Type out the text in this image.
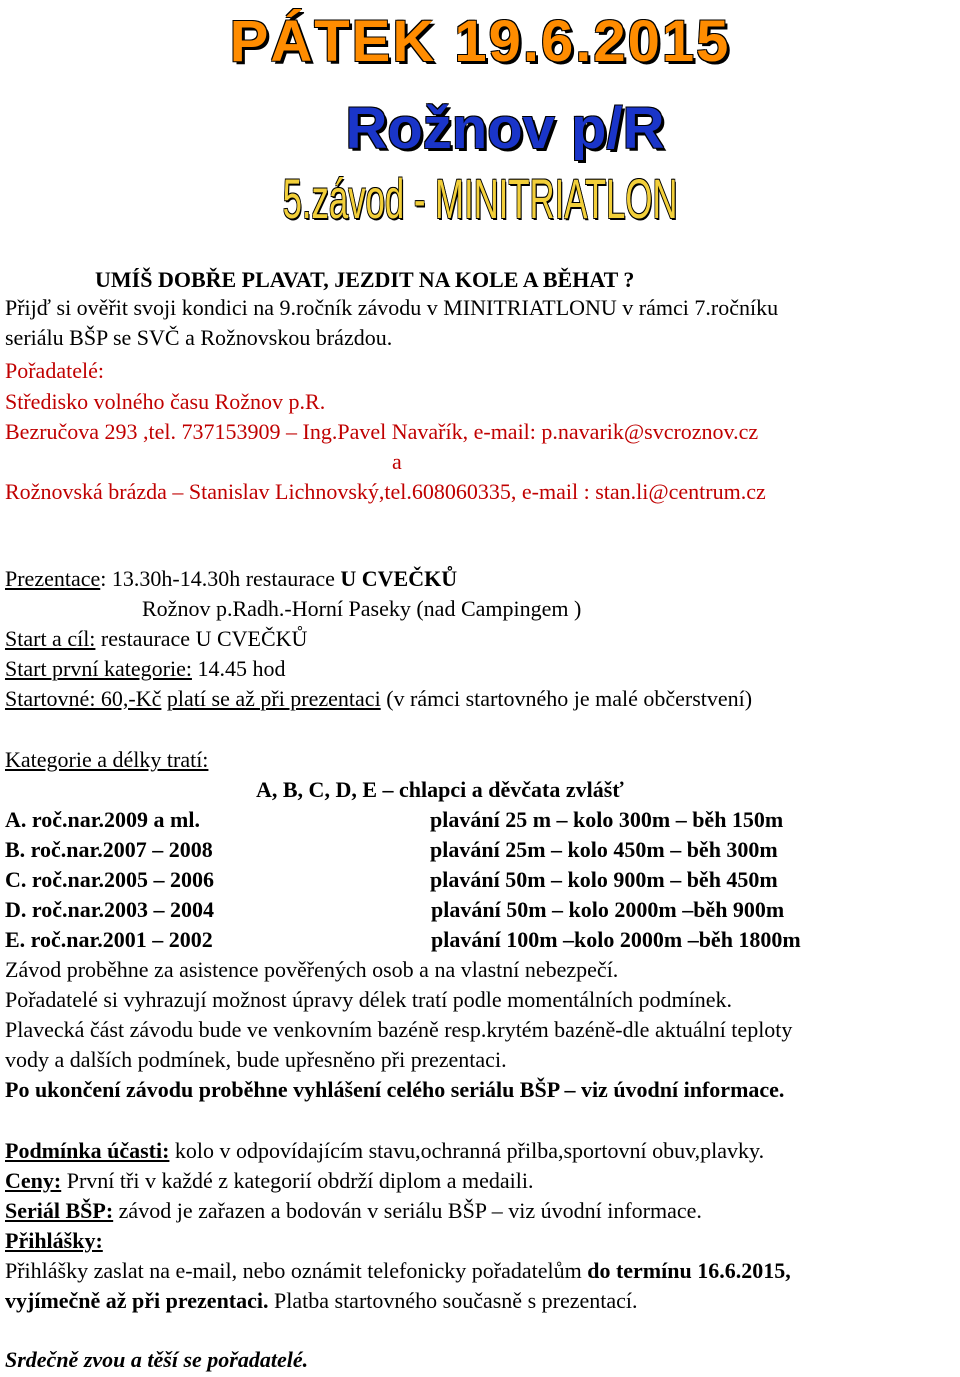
PÁTEK 19.6.2015
Rožnov p/R
5.závod - MINITRIATLON
UMÍŠ DOBŘE PLAVAT, JEZDIT NA KOLE A BĚHAT ?
Přijď si ověřit svoji kondici na 9.ročník závodu v MINITRIATLONU v rámci 7.ročníku
seriálu BŠP se SVČ a Rožnovskou brázdou.
Pořadatelé:
Středisko volného času Rožnov p.R.
Bezručova 293 ,tel. 737153909 – Ing.Pavel Navařík, e-mail: p.navarik@svcroznov.cz
a
Rožnovská brázda – Stanislav Lichnovský,tel.608060335, e-mail : stan.li@centrum.cz
Prezentace: 13.30h-14.30h restaurace U CVEČKŮ
Rožnov p.Radh.-Horní Paseky (nad Campingem )
Start a cíl: restaurace U CVEČKŮ
Start první kategorie: 14.45 hod
Startovné: 60,-Kč platí se až při prezentaci (v rámci startovného je malé občerstvení)
Kategorie a délky tratí:
A, B, C, D, E – chlapci a děvčata zvlášť
A. roč.nar.2009 a ml.	plavání 25 m – kolo 300m – běh 150m
B. roč.nar.2007 – 2008	plavání 25m – kolo 450m – běh 300m
C. roč.nar.2005 – 2006	plavání 50m – kolo 900m – běh 450m
D. roč.nar.2003 – 2004	plavání 50m – kolo 2000m –běh 900m
E. roč.nar.2001 – 2002	plavání 100m –kolo 2000m –běh 1800m
Závod proběhne za asistence pověřených osob a na vlastní nebezpečí.
Pořadatelé si vyhrazují možnost úpravy délek tratí podle momentálních podmínek.
Plavecká část závodu bude ve venkovním bazéně resp.krytém bazéně-dle aktuální teploty
vody a dalších podmínek, bude upřesněno při prezentaci.
Po ukončení závodu proběhne vyhlášení celého seriálu BŠP – viz úvodní informace.
Podmínka účasti: kolo v odpovídajícím stavu,ochranná přilba,sportovní obuv,plavky.
Ceny: První tři v každé z kategorií obdrží diplom a medaili.
Seriál BŠP: závod je zařazen a bodován v seriálu BŠP – viz úvodní informace.
Přihlášky:
Přihlášky zaslat na e-mail, nebo oznámit telefonicky pořadatelům do termínu 16.6.2015,
vyjímečně až při prezentaci. Platba startovného současně s prezentací.
Srdečně zvou a těší se pořadatelé.
